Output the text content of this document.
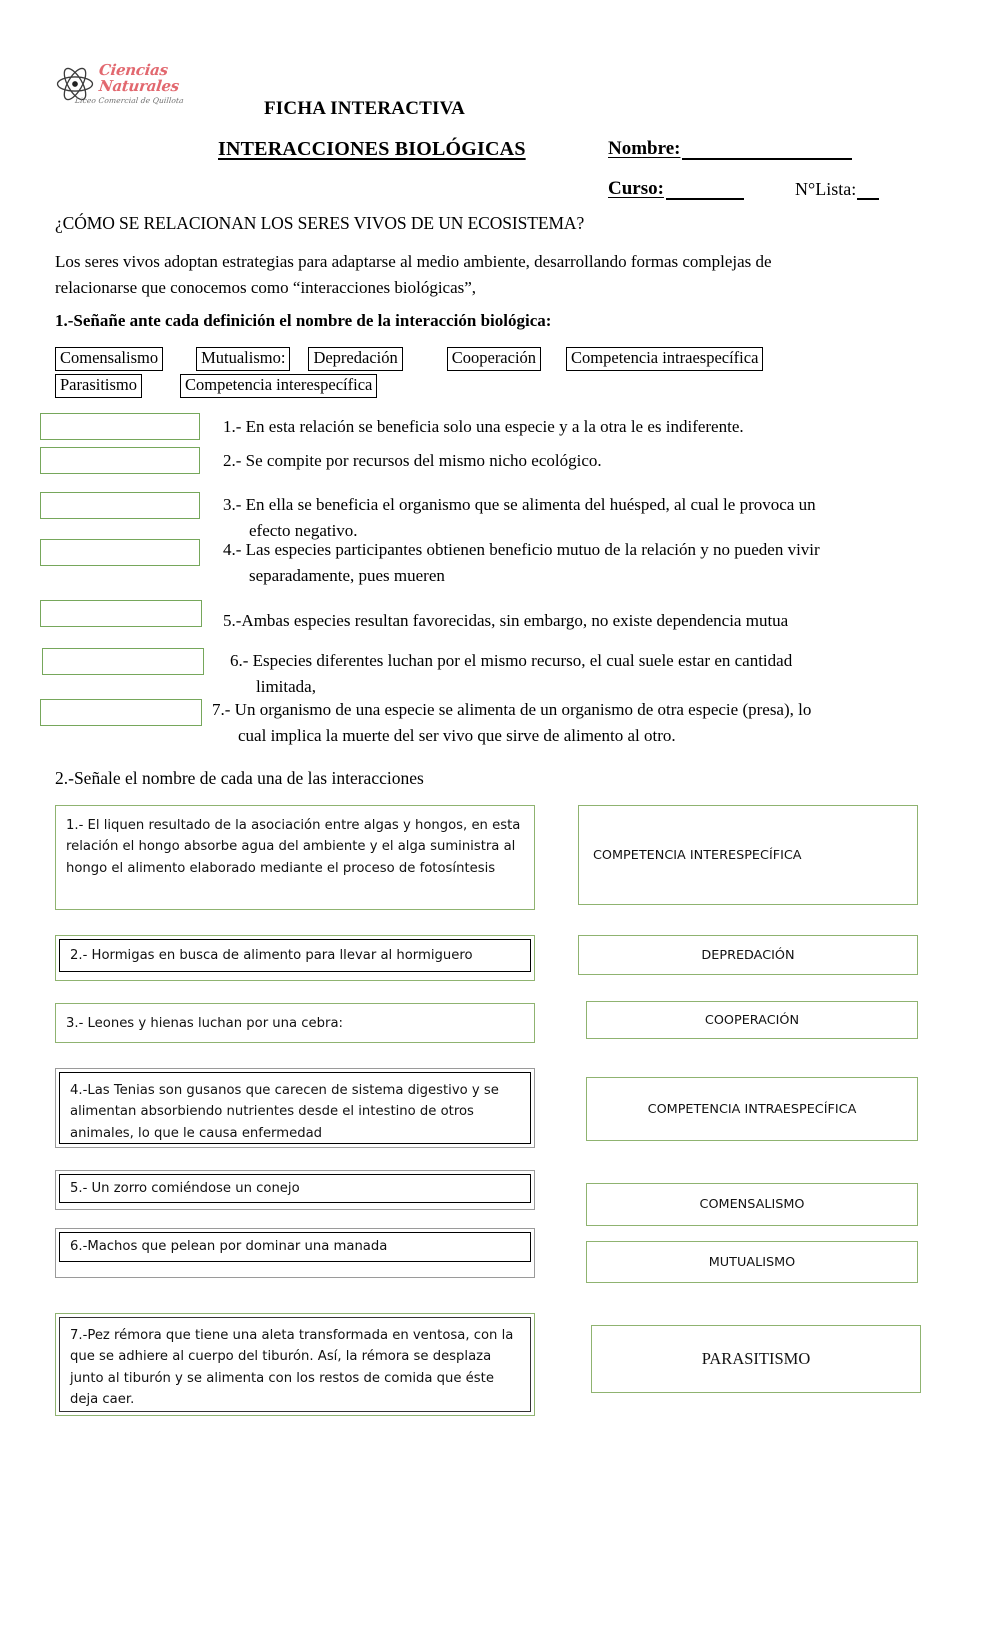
Ciencias
Naturales
Liceo Comercial de Quillota	FICHA INTERACTIVA
INTERACCIONES BIOLÓGICAS	Nombre:
Curso:	N°Lista:
¿CÓMO SE RELACIONAN LOS SERES VIVOS DE UN ECOSISTEMA?
Los seres vivos adoptan estrategias para adaptarse al medio ambiente, desarrollando formas complejas de relacionarse que conocemos como “interacciones biológicas”,
1.-Señañe ante cada definición el nombre de la interacción biológica:
Comensalismo	Mutualismo:	Depredación	Cooperación	Competencia intraespecífica
Parasitismo	Competencia interespecífica
1.- En esta relación se beneficia solo una especie y a la otra le es indiferente.
2.- Se compite por recursos del mismo nicho ecológico.
3.- En ella se beneficia el organismo que se alimenta del huésped, al cual le provoca un
efecto negativo.
4.- Las especies participantes obtienen beneficio mutuo de la relación y no pueden vivir
separadamente, pues mueren
5.-Ambas especies resultan favorecidas, sin embargo, no existe dependencia mutua
6.- Especies diferentes luchan por el mismo recurso, el cual suele estar en cantidad
limitada,
7.- Un organismo de una especie se alimenta de un organismo de otra especie (presa), lo
cual implica la muerte del ser vivo que sirve de alimento al otro.
2.-Señale el nombre de cada una de las interacciones
1.- El liquen resultado de la asociación entre algas y hongos, en esta relación el hongo absorbe agua del ambiente y el alga suministra al hongo el alimento elaborado mediante el proceso de fotosíntesis
2.- Hormigas en busca de alimento para llevar al hormiguero
3.- Leones y hienas luchan por una cebra:
4.-Las Tenias son gusanos que carecen de sistema digestivo y se alimentan absorbiendo nutrientes desde el intestino de otros animales, lo que le causa enfermedad
5.- Un zorro comiéndose un conejo
6.-Machos que pelean por dominar una manada
7.-Pez rémora que tiene una aleta transformada en ventosa, con la que se adhiere al cuerpo del tiburón. Así, la rémora se desplaza junto al tiburón y se alimenta con los restos de comida que éste deja caer.
COMPETENCIA INTERESPECÍFICA
DEPREDACIÓN
COOPERACIÓN
COMPETENCIA INTRAESPECÍFICA
COMENSALISMO
MUTUALISMO
PARASITISMO
